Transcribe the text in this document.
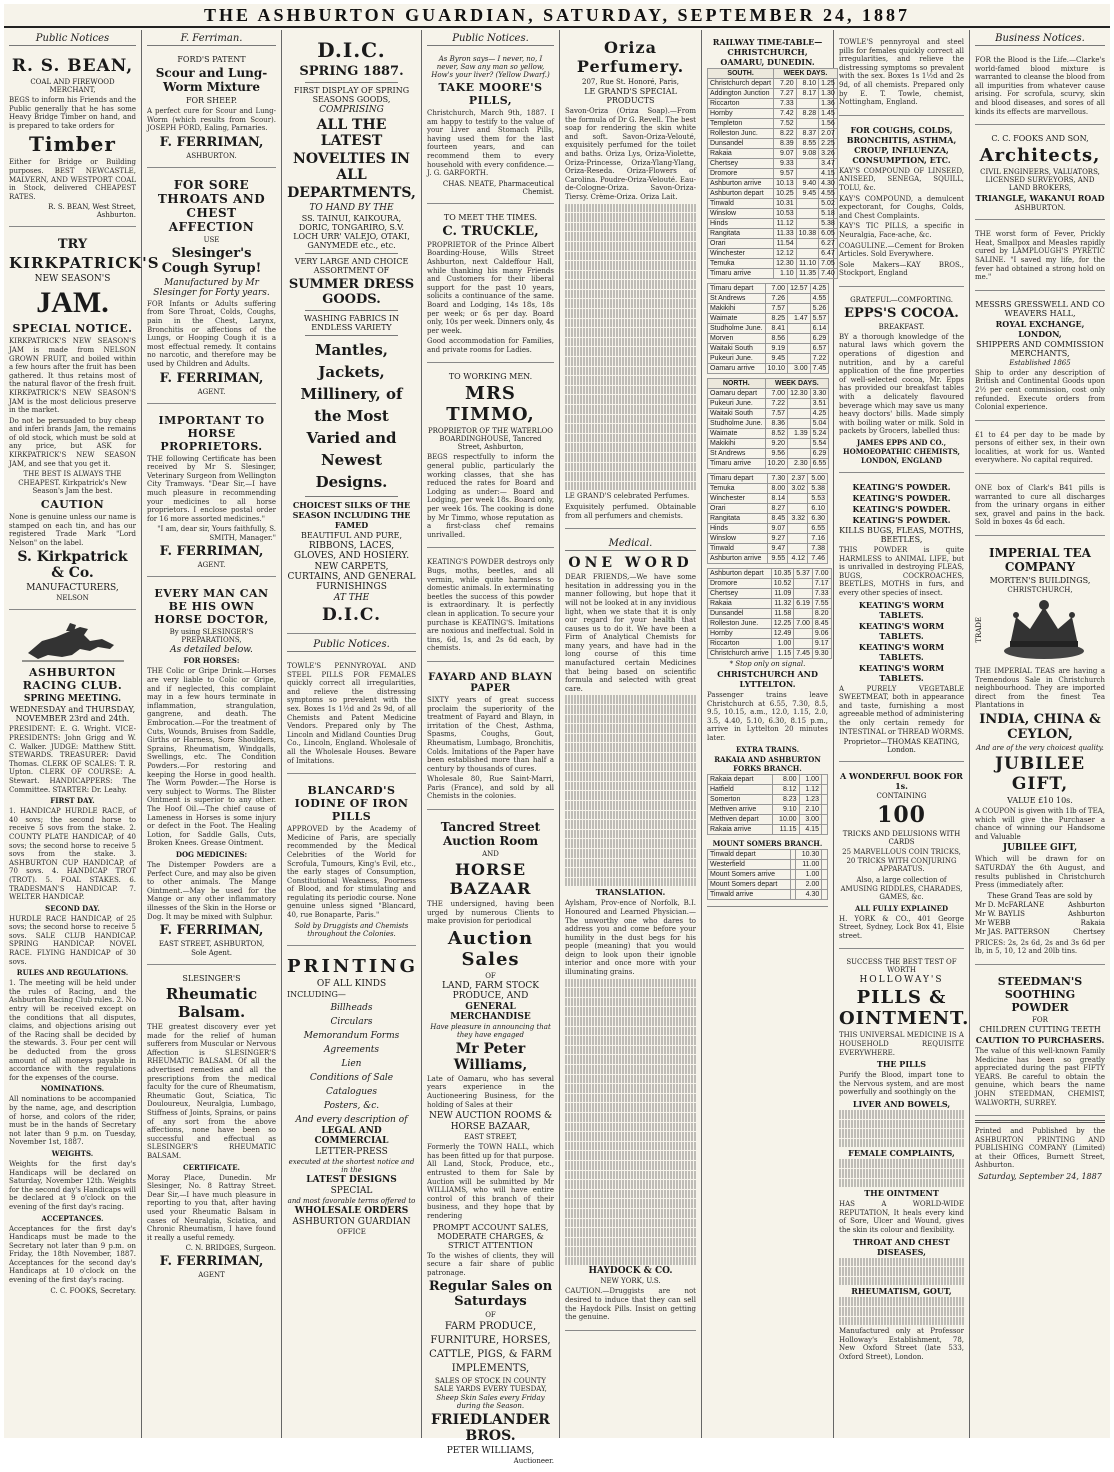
THE ASHBURTON GUARDIAN, SATURDAY, SEPTEMBER 24, 1887
Public Notices
R. S. BEAN,
COAL AND FIREWOOD MERCHANT,
BEGS to inform his Friends and the Public generally that he has some Heavy Bridge Timber on hand, and is prepared to take orders for
Timber
Either for Bridge or Building purposes. BEST NEWCASTLE, MALVERN, AND WESTPORT COAL in Stock, delivered CHEAPEST RATES.
R. S. BEAN, West Street, Ashburton.
TRY
KIRKPATRICK'S
NEW SEASON'S
JAM.
SPECIAL NOTICE.
KIRKPATRICK'S NEW SEASON'S JAM is made from NELSON GROWN FRUIT, and boiled within a few hours after the fruit has been gathered. It thus retains most of the natural flavor of the fresh fruit. KIRKPATRICK'S NEW SEASON'S JAM is the most delicious preserve in the market.
Do not be persuaded to buy cheap and inferi brands Jam, the remains of old stock, which must be sold at any price, but ASK for KIRKPATRICK'S NEW SEASON JAM, and see that you get it.
THE BEST IS ALWAYS THE CHEAPEST. Kirkpatrick's New Season's Jam the best.
CAUTION
None is genuine unless our name is stamped on each tin, and has our registered Trade Mark "Lord Nelson" on the label.
S. Kirkpatrick & Co.
MANUFACTURERS,
NELSON
ASHBURTON RACING CLUB.
SPRING MEETING.
WEDNESDAY and THURSDAY, NOVEMBER 23rd and 24th.
PRESIDENT: E. G. Wright. VICE-PRESIDENTS: John Grigg and W. C. Walker. JUDGE: Matthew Stitt. STEWARDS. TREASURER: David Thomas. CLERK OF SCALES: T. R. Upton. CLERK OF COURSE: A. Stewart. HANDICAPPERS: The Committee. STARTER: Dr. Leahy.
FIRST DAY.
1. HANDICAP HURDLE RACE, of 40 sovs; the second horse to receive 5 sovs from the stake. 2. COUNTY PLATE HANDICAP, of 40 sovs; the second horse to receive 5 sovs from the stake. 3. ASHBURTON CUP HANDICAP, of 70 sovs. 4. HANDICAP TROT (TROT). 5. FOAL STAKES. 6. TRADESMAN'S HANDICAP. 7. WELTER HANDICAP.
SECOND DAY.
HURDLE RACE HANDICAP, of 25 sovs; the second horse to receive 5 sovs. SALE CLUB HANDICAP. SPRING HANDICAP. NOVEL RACE. FLYING HANDICAP of 30 sovs.
RULES AND REGULATIONS.
1. The meeting will be held under the rules of Racing, and the Ashburton Racing Club rules. 2. No entry will be received except on the conditions that all disputes, claims, and objections arising out of the Racing shall be decided by the stewards. 3. Four per cent will be deducted from the gross amount of all moneys payable in accordance with the regulations for the expenses of the course.
NOMINATIONS.
All nominations to be accompanied by the name, age, and description of horse, and colors of the rider, must be in the hands of Secretary not later than 9 p.m. on Tuesday, November 1st, 1887.
WEIGHTS.
Weights for the first day's Handicaps will be declared on Saturday, November 12th. Weights for the second day's Handicaps will be declared at 9 o'clock on the evening of the first day's racing.
ACCEPTANCES.
Acceptances for the first day's Handicaps must be made to the Secretary not later than 9 p.m. on Friday, the 18th November, 1887. Acceptances for the second day's Handicaps at 10 o'clock on the evening of the first day's racing.
C. C. FOOKS, Secretary.
F. Ferriman.
FORD'S PATENT
Scour and Lung-Worm Mixture
FOR SHEEP.
A perfect cure for Scour and Lung-Worm (which results from Scour). JOSEPH FORD, Ealing, Parnaries.
F. FERRIMAN,
ASHBURTON.
FOR SORE THROATS AND CHEST AFFECTION
USE
Slesinger's Cough Syrup!
Manufactured by Mr Slesinger for Forty years.
FOR Infants or Adults suffering from Sore Throat, Colds, Coughs, pain in the Chest, Larynx, Bronchitis or affections of the Lungs, or Hooping Cough it is a most effectual remedy. It contains no narcotic, and therefore may be used by Children and Adults.
F. FERRIMAN,
AGENT.
IMPORTANT TO HORSE PROPRIETORS.
THE following Certificate has been received by Mr S. Slesinger, Veterinary Surgeon from Wellington City Tramways. "Dear Sir,—I have much pleasure in recommending your medicines to all horse proprietors. I enclose postal order for 16 more assorted medicines."
"I am, dear sir, Yours faithfully, S. SMITH, Manager."
F. FERRIMAN,
AGENT.
EVERY MAN CAN BE HIS OWN HORSE DOCTOR,
By using SLESINGER'S PREPARATIONS,
As detailed below.
FOR HORSES:
THE Colic or Gripe Drink.—Horses are very liable to Colic or Gripe, and if neglected, this complaint may in a few hours terminate in inflammation, strangulation, gangrene, and death. The Embrocation.—For the treatment of Cuts, Wounds, Bruises from Saddle, Girths or Harness, Sore Shoulders, Sprains, Rheumatism, Windgalls, Swellings, etc. The Condition Powders.—For restoring and keeping the Horse in good health. The Worm Powder.—The Horse is very subject to Worms. The Blister Ointment is superior to any other. The Hoof Oil.—The chief cause of Lameness in Horses is some injury or defect in the Foot. The Healing Lotion, for Saddle Galls, Cuts, Broken Knees. Grease Ointment.
DOG MEDICINES:
The Distemper Powders are a Perfect Cure, and may also be given to other animals. The Mange Ointment.—May be used for the Mange or any other inflammatory illnesses of the Skin in the Horse or Dog. It may be mixed with Sulphur.
F. FERRIMAN,
EAST STREET, ASHBURTON,
Sole Agent.
SLESINGER'S
Rheumatic Balsam.
THE greatest discovery ever yet made for the relief of human sufferers from Muscular or Nervous Affection is SLESINGER'S RHEUMATIC BALSAM. Of all the advertised remedies and all the prescriptions from the medical faculty for the cure of Rheumatism, Rheumatic Gout, Sciatica, Tic Douloureux, Neuralgia, Lumbago, Stiffness of Joints, Sprains, or pains of any sort from the above affections, none have been so successful and effectual as SLESINGER'S RHEUMATIC BALSAM.
CERTIFICATE.
Moray Place, Dunedin. Mr Slesinger, No. 8 Rattray Street. Dear Sir,—I have much pleasure in reporting to you that, after having used your Rheumatic Balsam in cases of Neuralgia, Sciatica, and Chronic Rheumatism, I have found it really a useful remedy.
C. N. BRIDGES, Surgeon.
F. FERRIMAN,
AGENT
D.I.C.
SPRING 1887.
FIRST DISPLAY OF SPRING SEASONS GOODS,
COMPRISING
ALL THE LATEST
NOVELTIES IN ALL
DEPARTMENTS,
TO HAND BY THE
SS. TAINUI, KAIKOURA, DORIC, TONGARIRO, S.V. LOCH URR' VALEJO, OTAKI, GANYMEDE etc., etc.
VERY LARGE AND CHOICE ASSORTMENT OF
SUMMER DRESS GOODS.
WASHING FABRICS IN ENDLESS VARIETY
Mantles, Jackets, Millinery, of the Most Varied and Newest Designs.
CHOICEST SILKS OF THE SEASON INCLUDING THE FAMED
BEAUTIFUL AND PURE,
RIBBONS, LACES, GLOVES, AND HOSIERY.
NEW CARPETS, CURTAINS, AND GENERAL FURNISHINGS
AT THE
D.I.C.
Public Notices.
TOWLE'S PENNYROYAL AND STEEL PILLS FOR FEMALES quickly correct all irregularities, and relieve the distressing symptoms so prevalent with the sex. Boxes 1s 1½d and 2s 9d, of all Chemists and Patent Medicine Vendors. Prepared only by The Lincoln and Midland Counties Drug Co., Lincoln, England. Wholesale of all the Wholesale Houses. Beware of Imitations.
BLANCARD'S IODINE OF IRON PILLS
APPROVED by the Academy of Medicine of Paris, are specially recommended by the Medical Celebrities of the World for Scrofula, Tumours, King's Evil, etc., the early stages of Consumption, Constitutional Weakness, Poorness of Blood, and for stimulating and regulating its periodic course. None genuine unless signed "Blancard, 40, rue Bonaparte, Paris."
Sold by Druggists and Chemists throughout the Colonies.
PRINTING
OF ALL KINDS
INCLUDING—
Billheads
Circulars
Memorandum Forms
Agreements
Lien
Conditions of Sale
Catalogues
Posters, &c.
And every description of
LEGAL AND COMMERCIAL
LETTER-PRESS
executed at the shortest notice and in the
LATEST DESIGNS
SPECIAL
and most favorable terms offered to
WHOLESALE ORDERS
ASHBURTON GUARDIAN
OFFICE
Public Notices.
As Byron says— I never, no, I never, Saw any man so yellow, How's your liver? (Yellow Dwarf.)
TAKE MOORE'S PILLS,
Christchurch, March 9th, 1887. I am happy to testify to the value of your Liver and Stomach Pills, having used them for the last fourteen years, and can recommend them to every household with every confidence.—J. G. GARFORTH.
CHAS. NEATE, Pharmaceutical Chemist.
TO MEET THE TIMES.
C. TRUCKLE,
PROPRIETOR of the Prince Albert Boarding-House, Wills Street Ashburton, next Caldeffour Hall, while thanking his many Friends and Customers for their liberal support for the past 10 years, solicits a continuance of the same. Board and Lodging, 14s 18s, 18s per week; or 6s per day. Board only, 10s per week. Dinners only, 4s per week.
Good accommodation for Families, and private rooms for Ladies.
TO WORKING MEN.
MRS TIMMO,
PROPRIETOR OF THE WATERLOO BOARDINGHOUSE, Tancred Street, Ashburton,
BEGS respectfully to inform the general public, particularly the working classes, that she has reduced the rates for Board and Lodging as under:— Board and Lodging, per week 18s. Board only, per week 16s. The cooking is done by Mr Timmo, whose reputation as a first-class chef remains unrivalled.
KEATING'S POWDER destroys only Bugs, moths, beetles, and all vermin, while quite harmless to domestic animals. In exterminating beetles the success of this powder is extraordinary. It is perfectly clean in application. To secure your purchase is KEATING'S. Imitations are noxious and ineffectual. Sold in tins, 6d, 1s, and 2s 6d each, by chemists.
FAYARD AND BLAYN PAPER
SIXTY years of great success proclaim the superiority of the treatment of Fayard and Blayn, in irritation of the Chest, Asthma, Spasms, Coughs, Gout, Rheumatism, Lumbago, Bronchitis, Colds. Imitations of the Paper have been established more than half a century by thousands of cures.
Wholesale 80, Rue Saint-Marri, Paris (France), and sold by all Chemists in the colonies.
Tancred Street Auction Room
AND
HORSE BAZAAR
THE undersigned, having been urged by numerous Clients to make provision for periodical
Auction Sales
OF
LAND, FARM STOCK PRODUCE, AND
GENERAL MERCHANDISE
Have pleasure in announcing that they have engaged
Mr Peter Williams,
Late of Oamaru, who has several years experience in the Auctioneering Business, for the holding of Sales at their
NEW AUCTION ROOMS &
HORSE BAZAAR,
EAST STREET,
Formerly the TOWN HALL, which has been fitted up for that purpose. All Land, Stock, Produce, etc., entrusted to them for Sale by Auction will be submitted by Mr WILLIAMS, who will have entire control of this branch of their business, and they hope that by rendering
PROMPT ACCOUNT SALES, MODERATE CHARGES, & STRICT ATTENTION
To the wishes of clients, they will secure a fair share of public patronage.
Regular Sales on Saturdays
OF
FARM PRODUCE, FURNITURE, HORSES, CATTLE, PIGS, & FARM IMPLEMENTS,
SALES OF STOCK IN COUNTY SALE YARDS EVERY TUESDAY,
Sheep Skin Sales every Friday during the Season.
FRIEDLANDER BROS.
PETER WILLIAMS,
Auctioneer.
Oriza Perfumery.
207, Rue St. Honoré, Paris,
LE GRAND'S SPECIAL PRODUCTS
Savon-Oriza (Oriza Soap).—From the formula of Dr G. Revell. The best soap for rendering the skin white and soft. Savon-Oriza-Velouté, exquisitely perfumed for the toilet and baths. Oriza Lys, Oriza-Violette, Oriza-Princesse, Oriza-Ylang-Ylang, Oriza-Reseda. Oriza-Flowers of Carolina. Poudre-Oriza-Velouté. Eau-de-Cologne-Oriza. Savon-Oriza-Tiersy. Crème-Oriza. Oriza Lait.
LE GRAND'S celebrated Perfumes.
Exquisitely perfumed. Obtainable from all perfumers and chemists.
Medical.
ONE WORD
DEAR FRIENDS,—We have some hesitation in addressing you in the manner following, but hope that it will not be looked at in any invidious light, when we state that it is only our regard for your health that causes us to do it. We have been a Firm of Analytical Chemists for many years, and have had in the long course of this time manufactured certain Medicines that being based on scientific formula and selected with great care.
TRANSLATION.
Aylsham, Prov-ence of Norfolk, B.I. Honoured and Learned Physician.—The unworthy one who dares to address you and come before your humility in the dust begs for his people (meaning) that you would deign to look upon their ignoble interior and once more with your illuminating grains.
HAYDOCK & CO.
NEW YORK, U.S.
CAUTION.—Druggists are not desired to induce that they can sell the Haydock Pills. Insist on getting the genuine.
RAILWAY TIME-TABLE—CHRISTCHURCH, OAMARU, DUNEDIN.
SOUTH.	WEEK DAYS.		
Christchurch depart	7.20	8.10	1.25
Addington Junction	7.27	8.17	1.30
Riccarton	7.33		1.36
Hornby	7.42	8.28	1.45
Templeton	7.52		1.56
Rolleston Junc.	8.22	8.37	2.07
Dunsandel	8.39	8.55	2.25
Rakaia	9.07	9.08	3.26
Chertsey	9.33		3.47
Dromore	9.57		4.15
Ashburton arrive	10.13	9.40	4.30
Ashburton depart	10.25	9.45	4.55
Tinwald	10.31		5.02
Winslow	10.53		5.18
Hinds	11.12		5.38
Rangitata	11.33	10.38	6.05
Orari	11.54		6.27
Winchester	12.12		6.47
Temuka	12.30	11.10	7.05
Timaru arrive	1.10	11.35	7.40
Timaru depart	7.00	12.57	4.25
St Andrews	7.26		4.55
Makikihi	7.57		5.26
Waimate	8.25	1.47	5.57
Studholme June.	8.41		6.14
Morven	8.56		6.29
Waitaki South	9.19		6.57
Pukeuri June.	9.45		7.22
Oamaru arrive	10.10	3.00	7.45
NORTH.	WEEK DAYS.		
Oamaru depart	7.00	12.30	3.30
Pukeuri June.	7.22		3.51
Waitaki South	7.57		4.25
Studholme June.	8.36		5.04
Waimate	8.52	1.39	5.24
Makikihi	9.20		5.54
St Andrews	9.56		6.29
Timaru arrive	10.20	2.30	6.55
Timaru depart	7.30	2.37	5.00
Temuka	8.00	3.02	5.38
Winchester	8.14		5.53
Orari	8.27		6.10
Rangitata	8.45	3.32	6.30
Hinds	9.07		6.55
Winslow	9.27		7.16
Tinwald	9.47		7.38
Ashburton arrive	9.55	4.12	7.46
Ashburton depart	10.35	5.37	7.00
Dromore	10.52		7.17
Chertsey	11.09		7.33
Rakaia	11.32	6.19	7.55
Dunsandel	11.58		8.20
Rolleston June.	12.25	7.00	8.45
Hornby	12.49		9.06
Riccarton	1.00		9.17
Christchurch arrive	1.15	7.45	9.30
* Stop only on signal.
CHRISTCHURCH AND LYTTELTON.
Passenger trains leave Christchurch at 6.55, 7.30, 8.5, 9.5, 10.15, a.m., 12.0, 1.15, 2.0, 3.5, 4.40, 5.10, 6.30, 8.15 p.m., arrive in Lyttelton 20 minutes later.
EXTRA TRAINS.
RAKAIA AND ASHBURTON FORKS BRANCH.
Rakaia depart	8.00	1.00	
Hatfield	8.12	1.12	
Somerton	8.23	1.23	
Methven arrive	9.10	2.10	
Methven depart	10.00	3.00	
Rakaia arrive	11.15	4.15	
MOUNT SOMERS BRANCH.
Tinwald depart		10.30	
Westerfield		11.00	
Mount Somers arrive		1.00	
Mount Somers depart		2.00	
Tinwald arrive		4.30	
TOWLE'S pennyroyal and steel pills for females quickly correct all irregularities, and relieve the distressing symptoms so prevalent with the sex. Boxes 1s 1½d and 2s 9d, of all chemists. Prepared only by E. T. Towle, chemist, Nottingham, England.
FOR COUGHS, COLDS, BRONCHITIS, ASTHMA, CROUP, INFLUENZA, CONSUMPTION, ETC.
KAY'S COMPOUND OF LINSEED, ANISEED, SENEGA, SQUILL, TOLU, &c.
KAY'S COMPOUND, a demulcent expectorant, for Coughs, Colds, and Chest Complaints.
KAY'S TIC PILLS, a specific in Neuralgia, Face-ache, &c.
COAGULINE.—Cement for Broken Articles. Sold Everywhere.
Sole Makers—KAY BROS., Stockport, England
GRATEFUL—COMFORTING.
EPPS'S COCOA.
BREAKFAST.
BY a thorough knowledge of the natural laws which govern the operations of digestion and nutrition, and by a careful application of the fine properties of well-selected cocoa, Mr. Epps has provided our breakfast tables with a delicately flavoured beverage which may save us many heavy doctors' bills. Made simply with boiling water or milk. Sold in packets by Grocers, labelled thus:
JAMES EPPS AND CO., HOMOEOPATHIC CHEMISTS, LONDON, ENGLAND
KEATING'S POWDER.
KEATING'S POWDER.
KEATING'S POWDER.
KEATING'S POWDER.
KILLS BUGS, FLEAS, MOTHS, BEETLES,
THIS POWDER is quite HARMLESS to ANIMAL LIFE, but is unrivalled in destroying FLEAS, BUGS, COCKROACHES, BEETLES, MOTHS in furs, and every other species of insect.
KEATING'S WORM TABLETS.
KEATING'S WORM TABLETS.
KEATING'S WORM TABLETS.
KEATING'S WORM TABLETS.
A PURELY VEGETABLE SWEETMEAT, both in appearance and taste, furnishing a most agreeable method of administering the only certain remedy for INTESTINAL or THREAD WORMS.
Proprietor—THOMAS KEATING, London.
A WONDERFUL BOOK FOR 1s.
CONTAINING
100
TRICKS AND DELUSIONS WITH CARDS
25 MARVELLOUS COIN TRICKS, 20 TRICKS WITH CONJURING APPARATUS.
Also, a large collection of AMUSING RIDDLES, CHARADES, GAMES, &c.
ALL FULLY EXPLAINED
H. YORK & CO., 401 George Street, Sydney, Lock Box 41, Elsie street.
SUCCESS THE BEST TEST OF WORTH
HOLLOWAY'S
PILLS & OINTMENT.
THIS UNIVERSAL MEDICINE IS A HOUSEHOLD REQUISITE EVERYWHERE.
THE PILLS
Purify the Blood, impart tone to the Nervous system, and are most powerfully and soothingly on the
LIVER AND BOWELS,
FEMALE COMPLAINTS,
THE OINTMENT
HAS A WORLD-WIDE REPUTATION, It heals every kind of Sore, Ulcer and Wound, gives the skin its colour and flexibility.
THROAT AND CHEST DISEASES,
RHEUMATISM, GOUT,
Manufactured only at Professor Holloway's Establishment, 78, New Oxford Street (late 533, Oxford Street), London.
Business Notices.
FOR the Blood is the Life.—Clarke's world-famed blood mixture is warranted to cleanse the blood from all impurities from whatever cause arising. For scrofula, scurvy, skin and blood diseases, and sores of all kinds its effects are marvellous.
C. C. FOOKS AND SON,
Architects,
CIVIL ENGINEERS, VALUATORS, LICENSED SURVEYORS, AND LAND BROKERS,
TRIANGLE, WAKANUI ROAD
ASHBURTON.
THE worst form of Fever, Prickly Heat, Smallpox and Measles rapidly cured by LAMPLOUGH'S PYRETIC SALINE. "I saved my life, for the fever had obtained a strong hold on me."
MESSRS GRESSWELL AND CO WEAVERS HALL,
ROYAL EXCHANGE, LONDON,
SHIPPERS AND COMMISSION MERCHANTS,
Established 1865
Ship to order any description of British and Continental Goods upon 2½ per cent commission, cost only refunded. Execute orders from Colonial experience.
£1 to £4 per day to be made by persons of either sex, in their own localities, at work for us. Wanted everywhere. No capital required.
ONE box of Clark's B41 pills is warranted to cure all discharges from the urinary organs in either sex, gravel and pains in the back. Sold in boxes 4s 6d each.
IMPERIAL TEA COMPANY
MORTEN'S BUILDINGS,
CHRISTCHURCH,
TRADE
THE IMPERIAL TEAS are having a Tremendous Sale in Christchurch neighbourhood. They are imported direct from the finest Tea Plantations in
INDIA, CHINA & CEYLON,
And are of the very choicest quality.
JUBILEE GIFT,
VALUE £10 10s.
A COUPON is given with 1lb of TEA, which will give the Purchaser a chance of winning our Handsome and Valuable
JUBILEE GIFT,
Which will be drawn for on SATURDAY the 6th August, and results published in Christchurch Press (immediately after.
These Grand Teas are sold by
Mr D. McFARLANE	Ashburton
Mr W. BAYLIS	Ashburton
Mr WEBB	Rakaia
Mr JAS. PATTERSON	Chertsey
PRICES: 2s, 2s 6d, 2s and 3s 6d per lb, in 5, 10, 12 and 20lb tins.
STEEDMAN'S SOOTHING POWDER
FOR
CHILDREN CUTTING TEETH
CAUTION TO PURCHASERS.
The value of this well-known Family Medicine has been so greatly appreciated during the past FIFTY YEARS. Be careful to obtain the genuine, which bears the name JOHN STEEDMAN, CHEMIST, WALWORTH, SURREY.
Printed and Published by the ASHBURTON PRINTING AND PUBLISHING COMPANY (Limited) at their Offices, Burnett Street, Ashburton.
Saturday, September 24, 1887
